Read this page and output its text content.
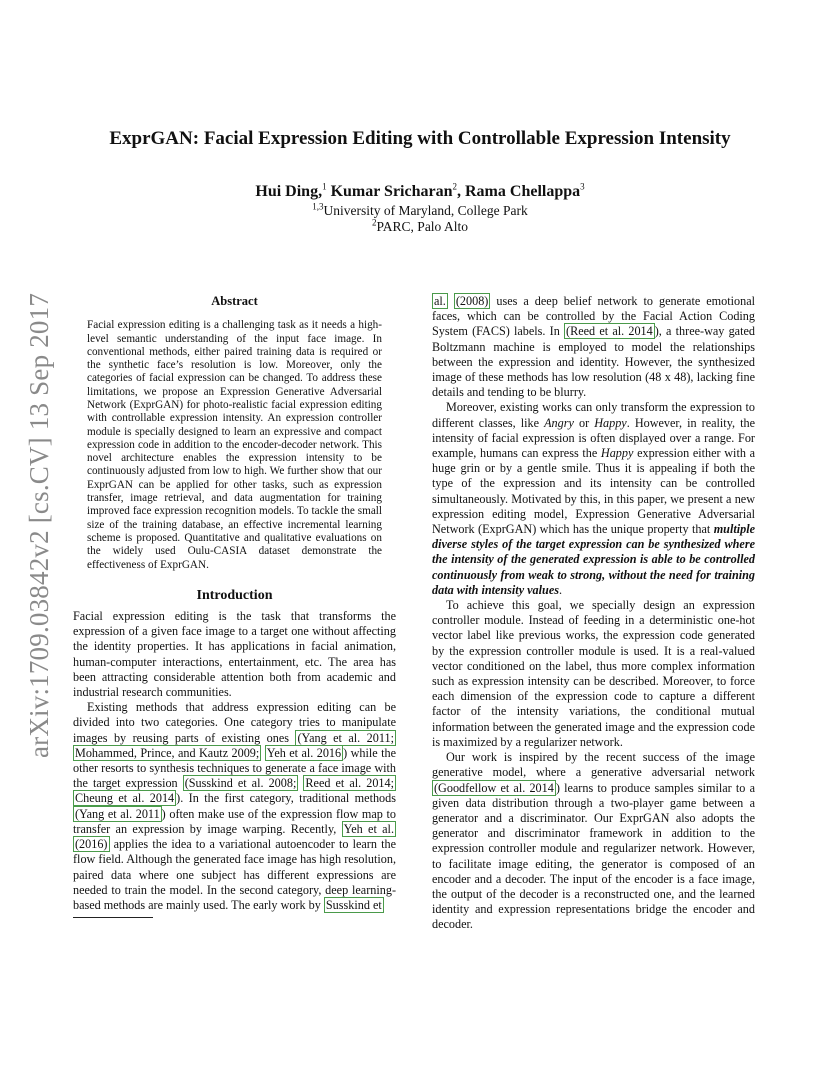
arXiv:1709.03842v2 [cs.CV] 13 Sep 2017
ExprGAN: Facial Expression Editing with Controllable Expression Intensity
Hui Ding,$^1$ Kumar Sricharan$^2$, Rama Chellappa$^3$
$^{1,3}$University of Maryland, College Park
$^2$PARC, Palo Alto
Abstract

Facial expression editing is a challenging task as it needs a high-level semantic understanding of the input face image. In conventional methods, either paired training data is required or the synthetic face’s resolution is low. Moreover, only the categories of facial expression can be changed. To address these limitations, we propose an Expression Generative Adversarial Network (ExprGAN) for photo-realistic facial expression editing with controllable expression intensity. An expression controller module is specially designed to learn an expressive and compact expression code in addition to the encoder-decoder network. This novel architecture enables the expression intensity to be continuously adjusted from low to high. We further show that our ExprGAN can be applied for other tasks, such as expression transfer, image retrieval, and data augmentation for training improved face expression recognition models. To tackle the small size of the training database, an effective incremental learning scheme is proposed. Quantitative and qualitative evaluations on the widely used Oulu-CASIA dataset demonstrate the effectiveness of ExprGAN.

Introduction

Facial expression editing is the task that transforms the expression of a given face image to a target one without affecting the identity properties. It has applications in facial animation, human-computer interactions, entertainment, etc. The area has been attracting considerable attention both from academic and industrial research communities.

Existing methods that address expression editing can be divided into two categories. One category tries to manipulate images by reusing parts of existing ones (Yang et al. 2011; Mohammed, Prince, and Kautz 2009; Yeh et al. 2016 ) while the other resorts to synthesis techniques to generate a face image with the target expression (Susskind et al. 2008; Reed et al. 2014; Cheung et al. 2014 ). In the first category, traditional methods (Yang et al. 2011 ) often make use of the expression flow map to transfer an expression by image warping. Recently, Yeh et al. (2016) applies the idea to a variational autoencoder to learn the flow field. Although the generated face image has high resolution, paired data where one subject has different expressions are needed to train the model. In the second category, deep learning-based methods are mainly used. The early work by Susskind et

al. (2008) uses a deep belief network to generate emotional faces, which can be controlled by the Facial Action Coding System (FACS) labels. In (Reed et al. 2014 ), a three-way gated Boltzmann machine is employed to model the relationships between the expression and identity. However, the synthesized image of these methods has low resolution (48 x 48), lacking fine details and tending to be blurry.

Moreover, existing works can only transform the expression to different classes, like Angry or Happy. However, in reality, the intensity of facial expression is often displayed over a range. For example, humans can express the Happy expression either with a huge grin or by a gentle smile. Thus it is appealing if both the type of the expression and its intensity can be controlled simultaneously. Motivated by this, in this paper, we present a new expression editing model, Expression Generative Adversarial Network (ExprGAN) which has the unique property that multiple diverse styles of the target expression can be synthesized where the intensity of the generated expression is able to be controlled continuously from weak to strong, without the need for training data with intensity values.

To achieve this goal, we specially design an expression controller module. Instead of feeding in a deterministic one-hot vector label like previous works, the expression code generated by the expression controller module is used. It is a real-valued vector conditioned on the label, thus more complex information such as expression intensity can be described. Moreover, to force each dimension of the expression code to capture a different factor of the intensity variations, the conditional mutual information between the generated image and the expression code is maximized by a regularizer network.

Our work is inspired by the recent success of the image generative model, where a generative adversarial network (Goodfellow et al. 2014 ) learns to produce samples similar to a given data distribution through a two-player game between a generator and a discriminator. Our ExprGAN also adopts the generator and discriminator framework in addition to the expression controller module and regularizer network. However, to facilitate image editing, the generator is composed of an encoder and a decoder. The input of the encoder is a face image, the output of the decoder is a reconstructed one, and the learned identity and expression representations bridge the encoder and decoder.
